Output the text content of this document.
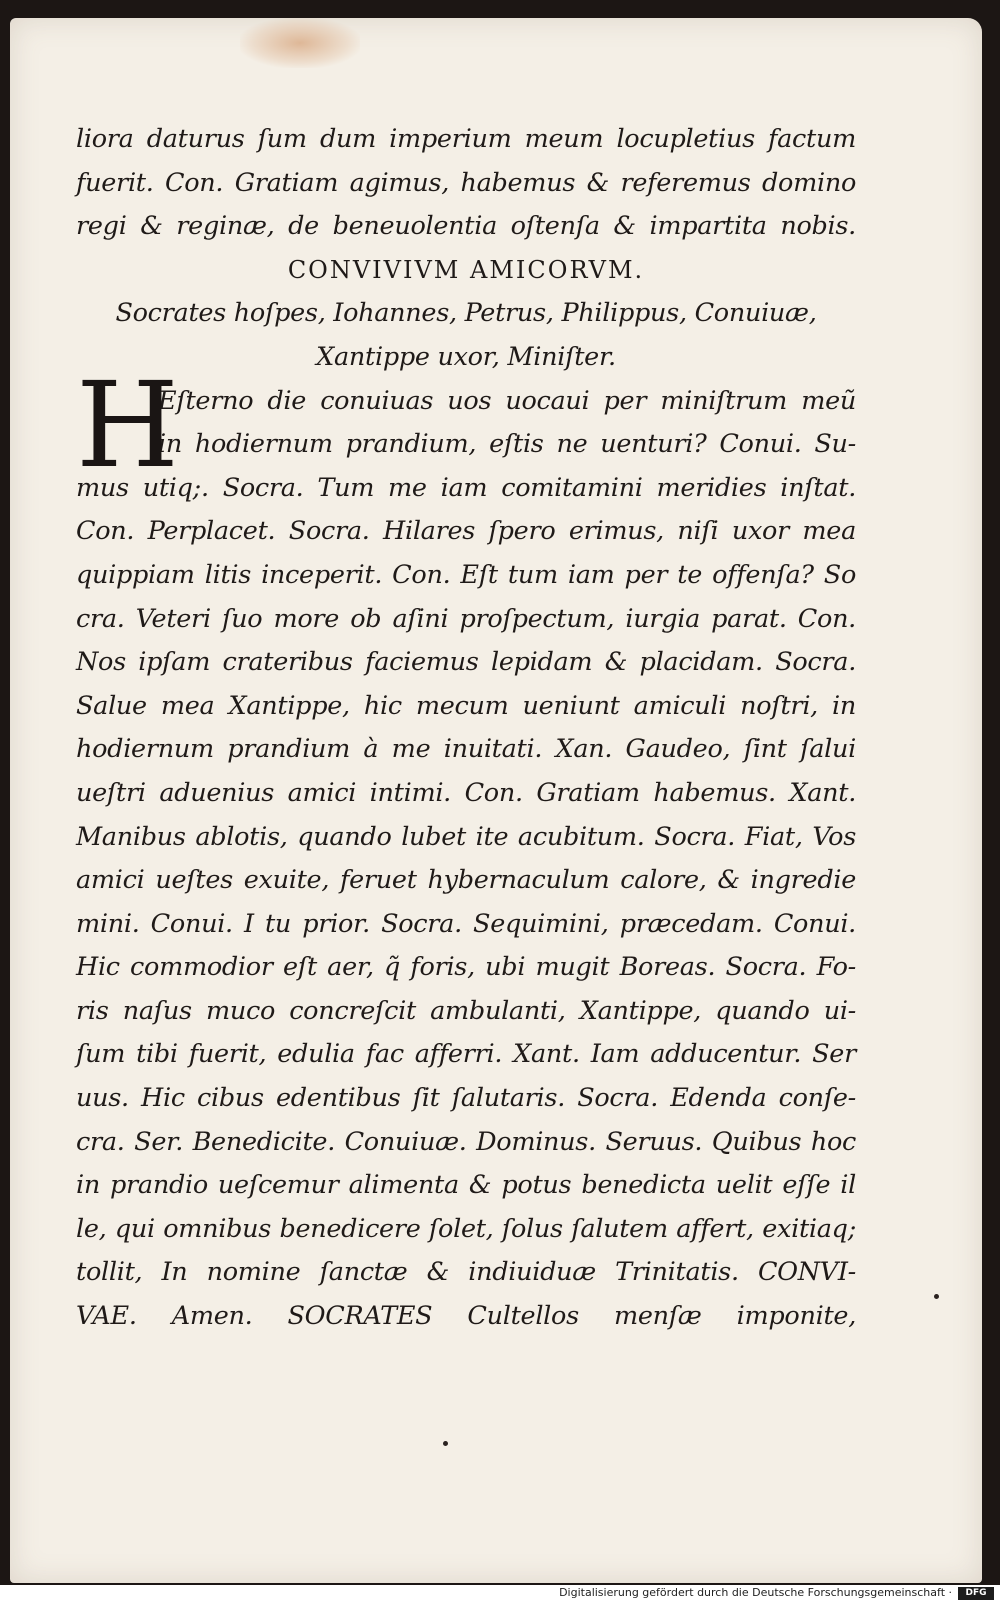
liora daturus ſum dum imperium meum locupletius factum
fuerit. Con. Gratiam agimus, habemus & referemus domino
regi & reginæ, de beneuolentia oſtenſa & impartita nobis.
CONVIVIVM AMICORVM.
Socrates hoſpes, Iohannes, Petrus, Philippus, Conuiuæ,
Xantippe uxor, Miniſter.
Eſterno die conuiuas uos uocaui per miniſtrum meũ
in hodiernum prandium, eſtis ne uenturi? Conui. Su-
mus utiq;. Socra. Tum me iam comitamini meridies inſtat.
Con. Perplacet. Socra. Hilares ſpero erimus, niſi uxor mea
quippiam litis inceperit. Con. Eſt tum iam per te offenſa? So
cra. Veteri ſuo more ob aſini proſpectum, iurgia parat. Con.
Nos ipſam crateribus faciemus lepidam & placidam. Socra.
Salue mea Xantippe, hic mecum ueniunt amiculi noſtri, in
hodiernum prandium à me inuitati. Xan. Gaudeo, ſint ſalui
ueſtri aduenius amici intimi. Con. Gratiam habemus. Xant.
Manibus ablotis, quando lubet ite acubitum. Socra. Fiat, Vos
amici ueſtes exuite, feruet hybernaculum calore, & ingredie
mini. Conui. I tu prior. Socra. Sequimini, præcedam. Conui.
Hic commodior eſt aer, q̃ foris, ubi mugit Boreas. Socra. Fo-
ris naſus muco concreſcit ambulanti, Xantippe, quando ui-
ſum tibi fuerit, edulia fac afferri. Xant. Iam adducentur. Ser
uus. Hic cibus edentibus ſit ſalutaris. Socra. Edenda conſe-
cra. Ser. Benedicite. Conuiuæ. Dominus. Seruus. Quibus hoc
in prandio ueſcemur alimenta & potus benedicta uelit eſſe il
le, qui omnibus benedicere ſolet, ſolus ſalutem affert, exitiaq;
tollit, In nomine ſanctæ & indiuiduæ Trinitatis. CONVI-
VAE. Amen. SOCRATES Cultellos menſæ imponite,
H
Digitalisierung gefördert durch die Deutsche Forschungsgemeinschaft ·	DFG
